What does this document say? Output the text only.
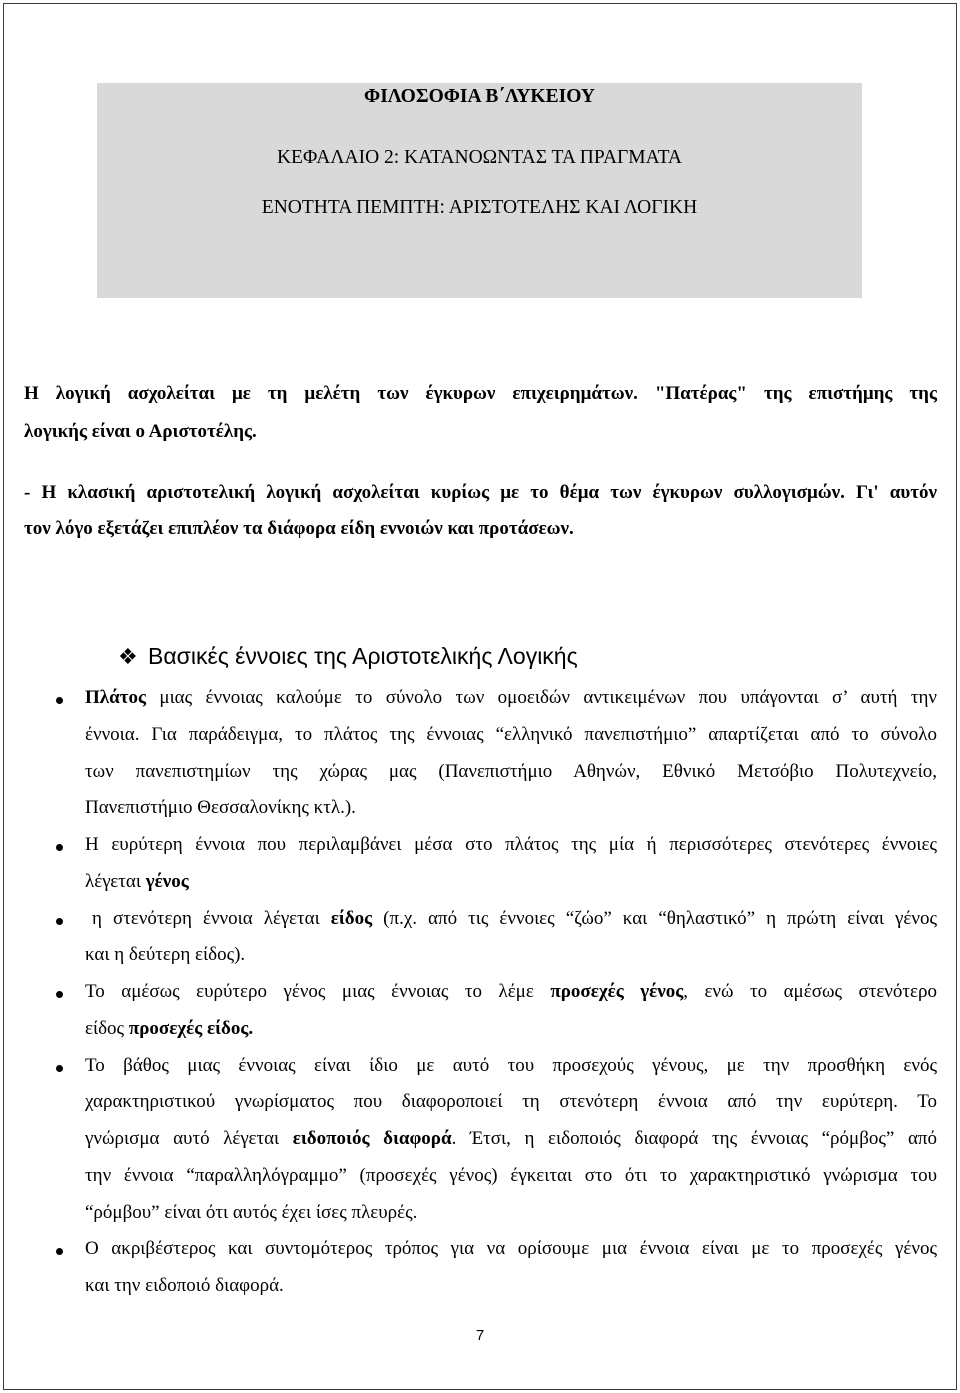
ΦΙΛΟΣΟΦΙΑ Β΄ΛΥΚΕΙΟΥ
ΚΕΦΑΛΑΙΟ 2: ΚΑΤΑΝΟΩΝΤΑΣ ΤΑ ΠΡΑΓΜΑΤΑ
ΕΝΟΤΗΤΑ ΠΕΜΠΤΗ: ΑΡΙΣΤΟΤΕΛΗΣ ΚΑΙ ΛΟΓΙΚΗ
Η λογική ασχολείται με τη μελέτη των έγκυρων επιχειρημάτων. "Πατέρας" της επιστήμης της
λογικής είναι ο Αριστοτέλης.
- Η κλασική αριστοτελική λογική ασχολείται κυρίως με το θέμα των έγκυρων συλλογισμών. Γι' αυτόν
τον λόγο εξετάζει επιπλέον τα διάφορα είδη εννοιών και προτάσεων.
❖Βασικές έννοιες της Αριστοτελικής Λογικής
Πλάτος μιας έννοιας καλούμε το σύνολο των ομοειδών αντικειμένων που υπάγονται σ’ αυτή την
έννοια. Για παράδειγμα, το πλάτος της έννοιας “ελληνικό πανεπιστήμιο” απαρτίζεται από το σύνολο
των πανεπιστημίων της χώρας μας (Πανεπιστήμιο Αθηνών, Εθνικό Μετσόβιο Πολυτεχνείο,
Πανεπιστήμιο Θεσσαλονίκης κτλ.).
Η ευρύτερη έννοια που περιλαμβάνει μέσα στο πλάτος της μία ή περισσότερες στενότερες έννοιες
λέγεται γένος
η στενότερη έννοια λέγεται είδος (π.χ. από τις έννοιες “ζώο” και “θηλαστικό” η πρώτη είναι γένος
και η δεύτερη είδος).
Το αμέσως ευρύτερο γένος μιας έννοιας το λέμε προσεχές γένος, ενώ το αμέσως στενότερο
είδος προσεχές είδος.
Το βάθος μιας έννοιας είναι ίδιο με αυτό του προσεχούς γένους, με την προσθήκη ενός
χαρακτηριστικού γνωρίσματος που διαφοροποιεί τη στενότερη έννοια από την ευρύτερη. Το
γνώρισμα αυτό λέγεται ειδοποιός διαφορά. Έτσι, η ειδοποιός διαφορά της έννοιας “ρόμβος” από
την έννοια “παραλληλόγραμμο” (προσεχές γένος) έγκειται στο ότι το χαρακτηριστικό γνώρισμα του
“ρόμβου” είναι ότι αυτός έχει ίσες πλευρές.
Ο ακριβέστερος και συντομότερος τρόπος για να ορίσουμε μια έννοια είναι με το προσεχές γένος
και την ειδοποιό διαφορά.
7
